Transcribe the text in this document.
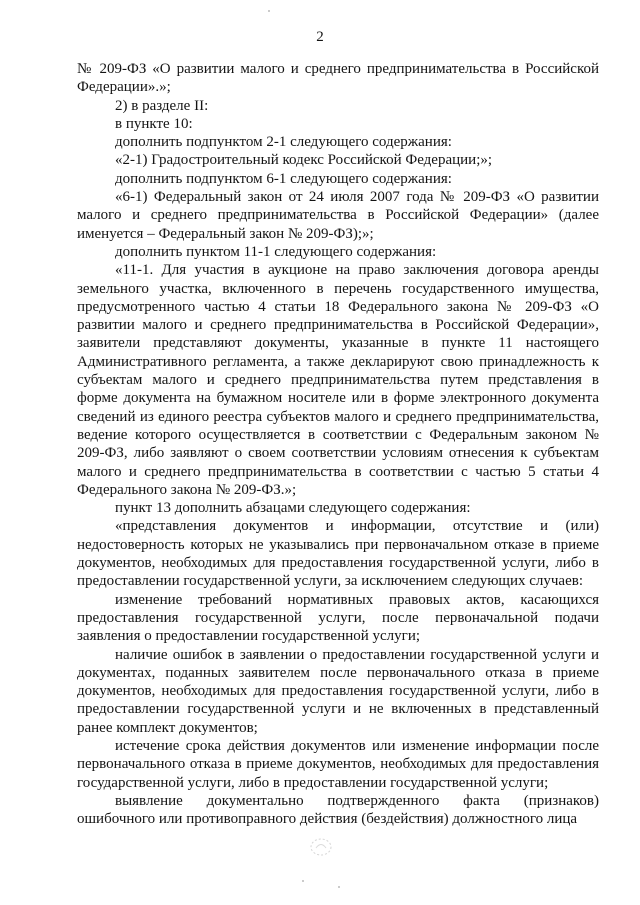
2

№ 209-ФЗ «О развитии малого и среднего предпринимательства в Российской Федерации».»;

2) в разделе II:

в пункте 10:

дополнить подпунктом 2-1 следующего содержания:

«2-1) Градостроительный кодекс Российской Федерации;»;

дополнить подпунктом 6-1 следующего содержания:

«6-1) Федеральный закон от 24 июля 2007 года № 209-ФЗ «О развитии малого и среднего предпринимательства в Российской Федерации» (далее именуется – Федеральный закон № 209-ФЗ);»;

дополнить пунктом 11-1 следующего содержания:

«11-1. Для участия в аукционе на право заключения договора аренды земельного участка, включенного в перечень государственного имущества, предусмотренного частью 4 статьи 18 Федерального закона № 209-ФЗ «О развитии малого и среднего предпринимательства в Российской Федерации», заявители представляют документы, указанные в пункте 11 настоящего Административного регламента, а также декларируют свою принадлежность к субъектам малого и среднего предпринимательства путем представления в форме документа на бумажном носителе или в форме электронного документа сведений из единого реестра субъектов малого и среднего предпринимательства, ведение которого осуществляется в соответствии с Федеральным законом № 209-ФЗ, либо заявляют о своем соответствии условиям отнесения к субъектам малого и среднего предпринимательства в соответствии с частью 5 статьи 4 Федерального закона № 209-ФЗ.»;

пункт 13 дополнить абзацами следующего содержания:

«представления документов и информации, отсутствие и (или) недостоверность которых не указывались при первоначальном отказе в приеме документов, необходимых для предоставления государственной услуги, либо в предоставлении государственной услуги, за исключением следующих случаев:

изменение требований нормативных правовых актов, касающихся предоставления государственной услуги, после первоначальной подачи заявления о предоставлении государственной услуги;

наличие ошибок в заявлении о предоставлении государственной услуги и документах, поданных заявителем после первоначального отказа в приеме документов, необходимых для предоставления государственной услуги, либо в предоставлении государственной услуги и не включенных в представленный ранее комплект документов;

истечение срока действия документов или изменение информации после первоначального отказа в приеме документов, необходимых для предоставления государственной услуги, либо в предоставлении государственной услуги;

выявление документально подтвержденного факта (признаков) ошибочного или противоправного действия (бездействия) должностного лица
